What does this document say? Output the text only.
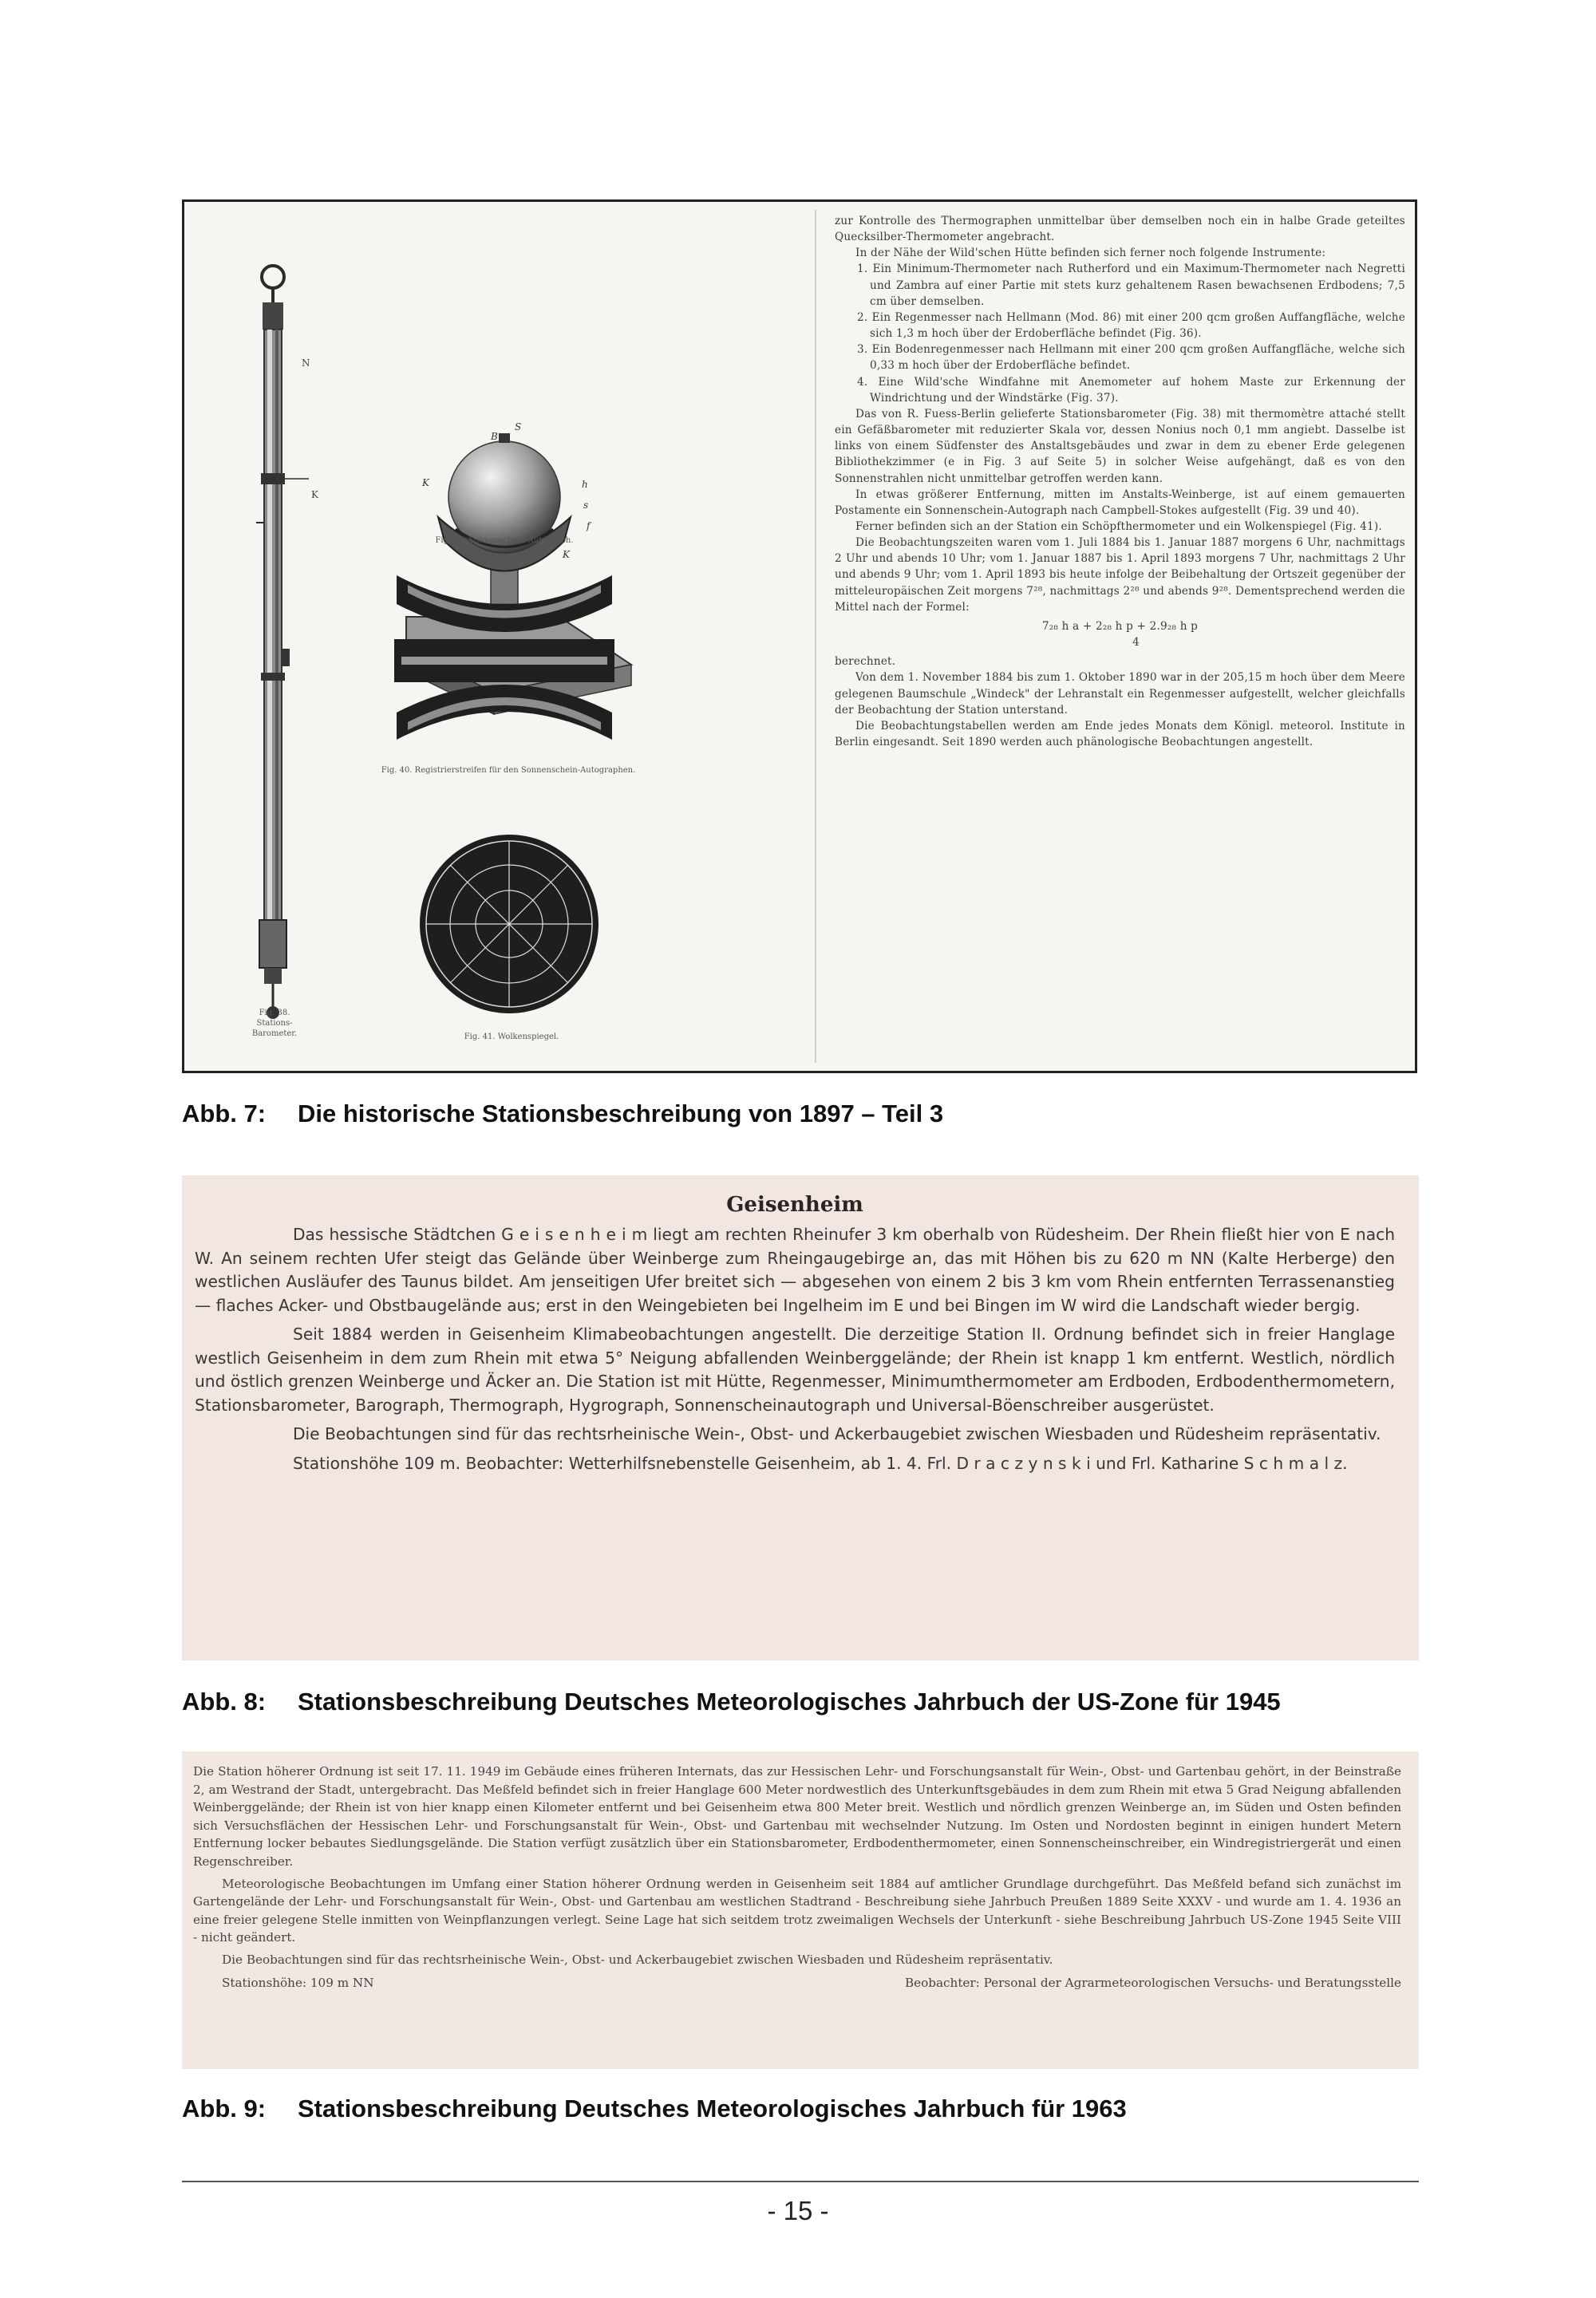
N
K
B
S
K	h
s
f
K
Fig. 38.
Stations-
Barometer.
Fig. 39. Sonnenschein-Autograph.
Fig. 40. Registrierstreifen für den Sonnenschein-Autographen.
Fig. 41. Wolkenspiegel.

zur Kontrolle des Thermographen unmittelbar über demselben noch ein in halbe Grade geteiltes Quecksilber-Thermometer angebracht.

In der Nähe der Wild'schen Hütte befinden sich ferner noch folgende Instrumente:

1. Ein Minimum-Thermometer nach Rutherford und ein Maximum-Thermometer nach Negretti und Zambra auf einer Partie mit stets kurz gehaltenem Rasen bewachsenen Erdbodens; 7,5 cm über demselben.

2. Ein Regenmesser nach Hellmann (Mod. 86) mit einer 200 qcm großen Auffangfläche, welche sich 1,3 m hoch über der Erdoberfläche befindet (Fig. 36).

3. Ein Bodenregenmesser nach Hellmann mit einer 200 qcm großen Auffangfläche, welche sich 0,33 m hoch über der Erdoberfläche befindet.

4. Eine Wild'sche Windfahne mit Anemometer auf hohem Maste zur Erkennung der Windrichtung und der Windstärke (Fig. 37).

Das von R. Fuess-Berlin gelieferte Stationsbarometer (Fig. 38) mit thermomètre attaché stellt ein Gefäßbarometer mit reduzierter Skala vor, dessen Nonius noch 0,1 mm angiebt. Dasselbe ist links von einem Südfenster des Anstaltsgebäudes und zwar in dem zu ebener Erde gelegenen Bibliothekzimmer (e in Fig. 3 auf Seite 5) in solcher Weise aufgehängt, daß es von den Sonnenstrahlen nicht unmittelbar getroffen werden kann.

In etwas größerer Entfernung, mitten im Anstalts-Weinberge, ist auf einem gemauerten Postamente ein Sonnenschein-Autograph nach Campbell-Stokes aufgestellt (Fig. 39 und 40).

Ferner befinden sich an der Station ein Schöpfthermometer und ein Wolkenspiegel (Fig. 41).

Die Beobachtungszeiten waren vom 1. Juli 1884 bis 1. Januar 1887 morgens 6 Uhr, nachmittags 2 Uhr und abends 10 Uhr; vom 1. Januar 1887 bis 1. April 1893 morgens 7 Uhr, nachmittags 2 Uhr und abends 9 Uhr; vom 1. April 1893 bis heute infolge der Beibehaltung der Ortszeit gegenüber der mitteleuropäischen Zeit morgens 7²⁸, nachmittags 2²⁸ und abends 9²⁸. Dementsprechend werden die Mittel nach der Formel:

7₂₈ h a + 2₂₈ h p + 2.9₂₈ h p

4

berechnet.

Von dem 1. November 1884 bis zum 1. Oktober 1890 war in der 205,15 m hoch über dem Meere gelegenen Baumschule „Windeck" der Lehranstalt ein Regenmesser aufgestellt, welcher gleichfalls der Beobachtung der Station unterstand.

Die Beobachtungstabellen werden am Ende jedes Monats dem Königl. meteorol. Institute in Berlin eingesandt. Seit 1890 werden auch phänologische Beobachtungen angestellt.

Abb. 7: Die historische Stationsbeschreibung von 1897 – Teil 3
Geisenheim

Das hessische Städtchen G e i s e n h e i m liegt am rechten Rheinufer 3 km oberhalb von Rüdesheim. Der Rhein fließt hier von E nach W. An seinem rechten Ufer steigt das Gelände über Weinberge zum Rheingaugebirge an, das mit Höhen bis zu 620 m NN (Kalte Herberge) den westlichen Ausläufer des Taunus bildet. Am jenseitigen Ufer breitet sich — abgesehen von einem 2 bis 3 km vom Rhein entfernten Terrassenanstieg — flaches Acker- und Obstbaugelände aus; erst in den Weingebieten bei Ingelheim im E und bei Bingen im W wird die Landschaft wieder bergig.

Seit 1884 werden in Geisenheim Klimabeobachtungen angestellt. Die derzeitige Station II. Ordnung befindet sich in freier Hanglage westlich Geisenheim in dem zum Rhein mit etwa 5° Neigung abfallenden Weinberggelände; der Rhein ist knapp 1 km entfernt. Westlich, nördlich und östlich grenzen Weinberge und Äcker an. Die Station ist mit Hütte, Regenmesser, Minimumthermometer am Erdboden, Erdbodenthermometern, Stationsbarometer, Barograph, Thermograph, Hygrograph, Sonnenscheinautograph und Universal-Böenschreiber ausgerüstet.

Die Beobachtungen sind für das rechtsrheinische Wein-, Obst- und Ackerbaugebiet zwischen Wiesbaden und Rüdesheim repräsentativ.

Stationshöhe 109 m. Beobachter: Wetterhilfsnebenstelle Geisenheim, ab 1. 4. Frl. D r a c z y n s k i und Frl. Katharine S c h m a l z.

Abb. 8: Stationsbeschreibung Deutsches Meteorologisches Jahrbuch der US-Zone für 1945

Die Station höherer Ordnung ist seit 17. 11. 1949 im Gebäude eines früheren Internats, das zur Hessischen Lehr- und Forschungsanstalt für Wein-, Obst- und Gartenbau gehört, in der Beinstraße 2, am Westrand der Stadt, untergebracht. Das Meßfeld befindet sich in freier Hanglage 600 Meter nordwestlich des Unterkunftsgebäudes in dem zum Rhein mit etwa 5 Grad Neigung abfallenden Weinberggelände; der Rhein ist von hier knapp einen Kilometer entfernt und bei Geisenheim etwa 800 Meter breit. Westlich und nördlich grenzen Weinberge an, im Süden und Osten befinden sich Versuchsflächen der Hessischen Lehr- und Forschungsanstalt für Wein-, Obst- und Gartenbau mit wechselnder Nutzung. Im Osten und Nordosten beginnt in einigen hundert Metern Entfernung locker bebautes Siedlungsgelände. Die Station verfügt zusätzlich über ein Stationsbarometer, Erdbodenthermometer, einen Sonnenscheinschreiber, ein Windregistriergerät und einen Regenschreiber.

Meteorologische Beobachtungen im Umfang einer Station höherer Ordnung werden in Geisenheim seit 1884 auf amtlicher Grundlage durchgeführt. Das Meßfeld befand sich zunächst im Gartengelände der Lehr- und Forschungsanstalt für Wein-, Obst- und Gartenbau am westlichen Stadtrand - Beschreibung siehe Jahrbuch Preußen 1889 Seite XXXV - und wurde am 1. 4. 1936 an eine freier gelegene Stelle inmitten von Weinpflanzungen verlegt. Seine Lage hat sich seitdem trotz zweimaligen Wechsels der Unterkunft - siehe Beschreibung Jahrbuch US-Zone 1945 Seite VIII - nicht geändert.

Die Beobachtungen sind für das rechtsrheinische Wein-, Obst- und Ackerbaugebiet zwischen Wiesbaden und Rüdesheim repräsentativ.

Stationshöhe: 109 m NN	Beobachter: Personal der Agrarmeteorologischen Versuchs- und Beratungsstelle
Abb. 9: Stationsbeschreibung Deutsches Meteorologisches Jahrbuch für 1963
- 15 -
